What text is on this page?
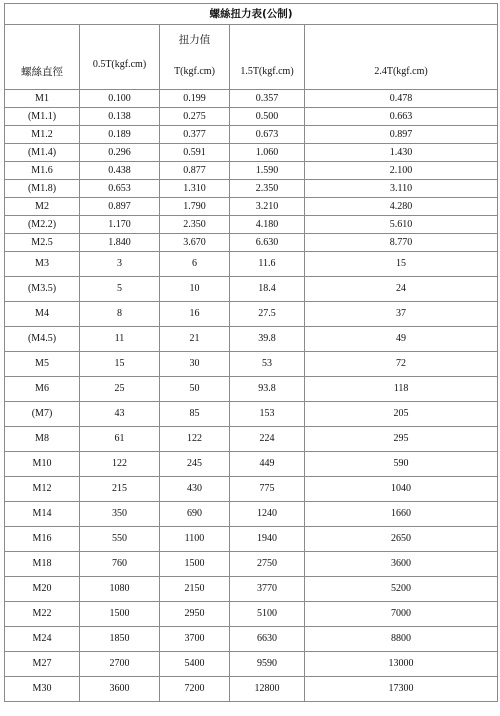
螺絲扭力表(公制)				
		扭力值		
螺絲直徑	0.5T(kgf.cm)	T(kgf.cm)	1.5T(kgf.cm)	2.4T(kgf.cm)
M1	0.100	0.199	0.357	0.478
(M1.1)	0.138	0.275	0.500	0.663
M1.2	0.189	0.377	0.673	0.897
(M1.4)	0.296	0.591	1.060	1.430
M1.6	0.438	0.877	1.590	2.100
(M1.8)	0.653	1.310	2.350	3.110
M2	0.897	1.790	3.210	4.280
(M2.2)	1.170	2.350	4.180	5.610
M2.5	1.840	3.670	6.630	8.770
M3	3	6	11.6	15
(M3.5)	5	10	18.4	24
M4	8	16	27.5	37
(M4.5)	11	21	39.8	49
M5	15	30	53	72
M6	25	50	93.8	118
(M7)	43	85	153	205
M8	61	122	224	295
M10	122	245	449	590
M12	215	430	775	1040
M14	350	690	1240	1660
M16	550	1100	1940	2650
M18	760	1500	2750	3600
M20	1080	2150	3770	5200
M22	1500	2950	5100	7000
M24	1850	3700	6630	8800
M27	2700	5400	9590	13000
M30	3600	7200	12800	17300
